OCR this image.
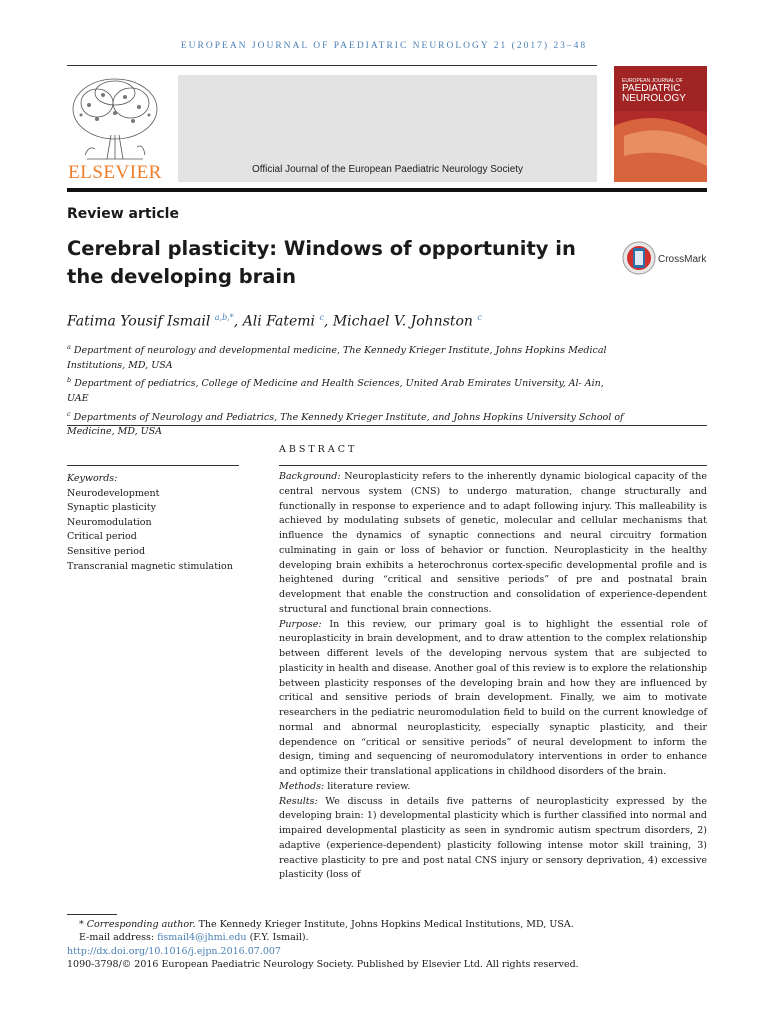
EUROPEAN JOURNAL OF PAEDIATRIC NEUROLOGY 21 (2017) 23–48
ELSEVIER	Official Journal of the European Paediatric Neurology Society
EUROPEAN JOURNAL OF
PAEDIATRIC
NEUROLOGY
Review article
Cerebral plasticity: Windows of opportunity in the developing brain
CrossMark
Fatima Yousif Ismail $^{a,b,*}$, Ali Fatemi $^c$, Michael V. Johnston $^c$

$^a$ Department of neurology and developmental medicine, The Kennedy Krieger Institute, Johns Hopkins Medical Institutions, MD, USA

$^b$ Department of pediatrics, College of Medicine and Health Sciences, United Arab Emirates University, Al- Ain, UAE

$^c$ Departments of Neurology and Pediatrics, The Kennedy Krieger Institute, and Johns Hopkins University School of Medicine, MD, USA

ABSTRACT

Keywords:

Neurodevelopment

Synaptic plasticity

Neuromodulation

Critical period

Sensitive period

Transcranial magnetic stimulation

Background: Neuroplasticity refers to the inherently dynamic biological capacity of the central nervous system (CNS) to undergo maturation, change structurally and functionally in response to experience and to adapt following injury. This malleability is achieved by modulating subsets of genetic, molecular and cellular mechanisms that influence the dynamics of synaptic connections and neural circuitry formation culminating in gain or loss of behavior or function. Neuroplasticity in the healthy developing brain exhibits a heterochronus cortex-specific developmental profile and is heightened during “critical and sensitive periods” of pre and postnatal brain development that enable the construction and consolidation of experience-dependent structural and functional brain connections.

Purpose: In this review, our primary goal is to highlight the essential role of neuroplasticity in brain development, and to draw attention to the complex relationship between different levels of the developing nervous system that are subjected to plasticity in health and disease. Another goal of this review is to explore the relationship between plasticity responses of the developing brain and how they are influenced by critical and sensitive periods of brain development. Finally, we aim to motivate researchers in the pediatric neuromodulation field to build on the current knowledge of normal and abnormal neuroplasticity, especially synaptic plasticity, and their dependence on “critical or sensitive periods” of neural development to inform the design, timing and sequencing of neuromodulatory interventions in order to enhance and optimize their translational applications in childhood disorders of the brain.

Methods: literature review.

Results: We discuss in details five patterns of neuroplasticity expressed by the developing brain: 1) developmental plasticity which is further classified into normal and impaired developmental plasticity as seen in syndromic autism spectrum disorders, 2) adaptive (experience-dependent) plasticity following intense motor skill training, 3) reactive plasticity to pre and post natal CNS injury or sensory deprivation, 4) excessive plasticity (loss of

* Corresponding author. The Kennedy Krieger Institute, Johns Hopkins Medical Institutions, MD, USA.

E-mail address: fismail4@jhmi.edu (F.Y. Ismail).

http://dx.doi.org/10.1016/j.ejpn.2016.07.007

1090-3798/© 2016 European Paediatric Neurology Society. Published by Elsevier Ltd. All rights reserved.
